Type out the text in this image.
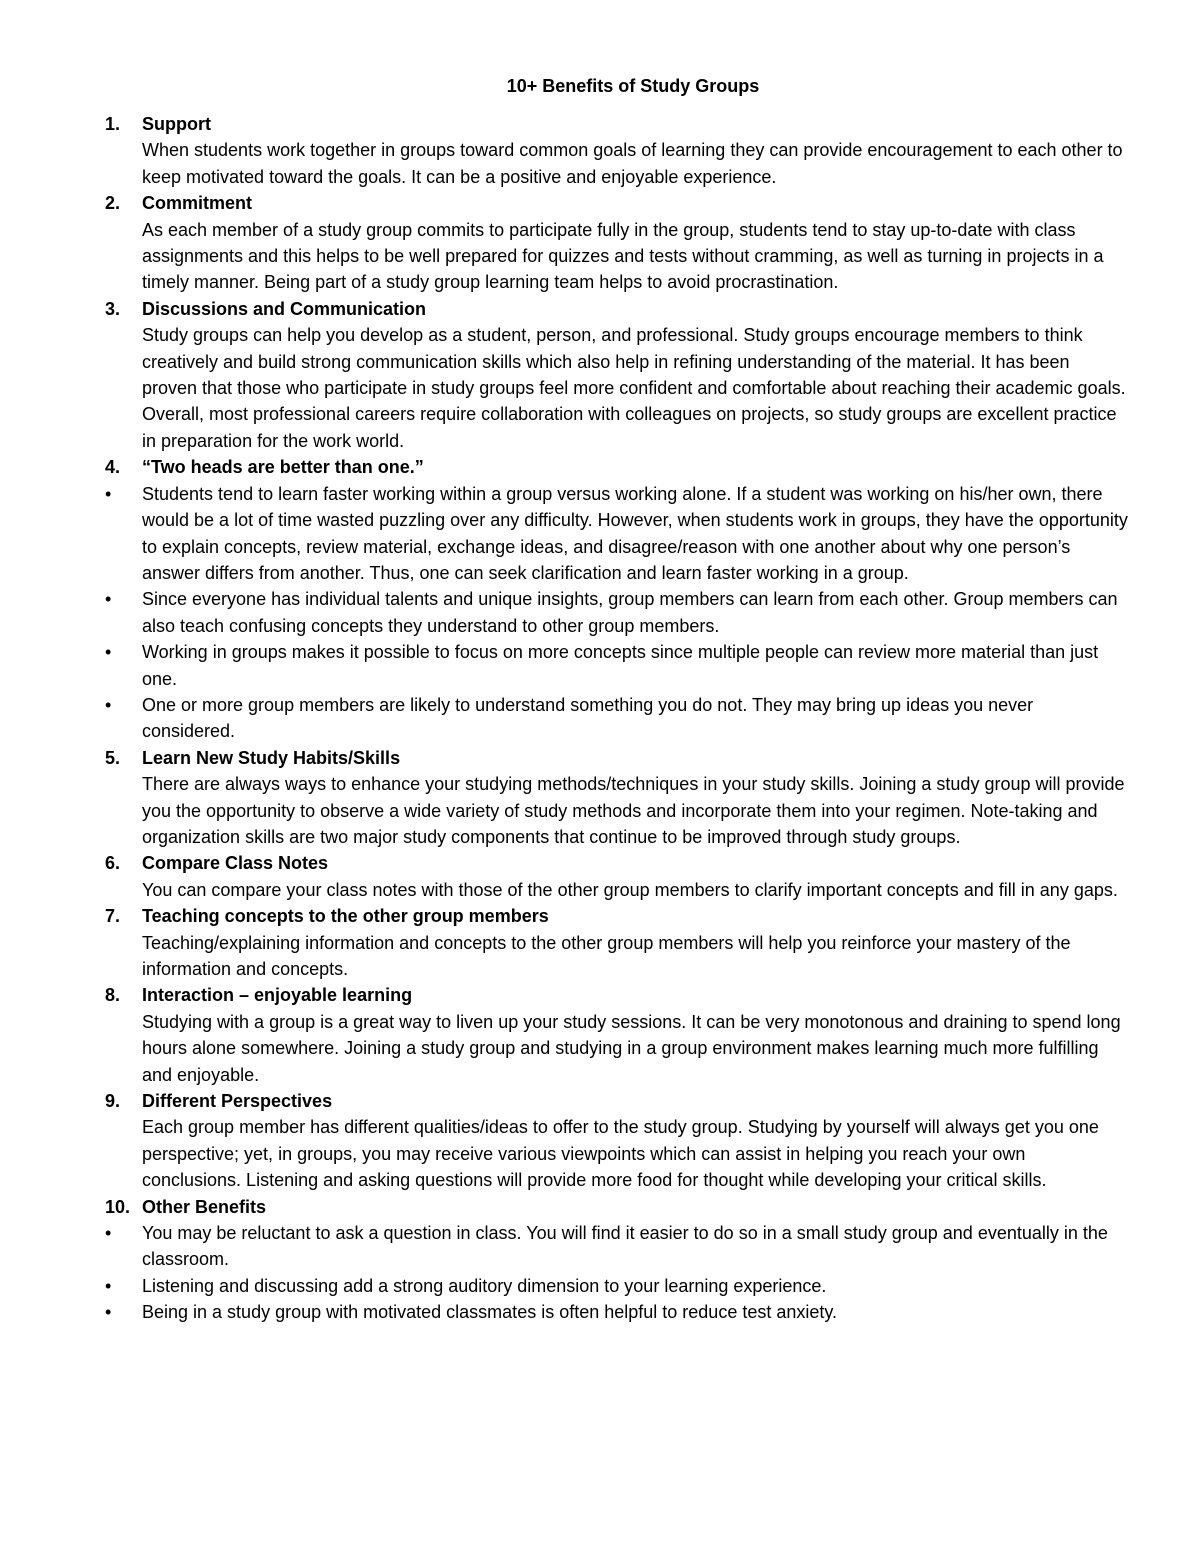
10+ Benefits of Study Groups
1.	Support
When students work together in groups toward common goals of learning they can provide encouragement to each other to keep motivated toward the goals. It can be a positive and enjoyable experience.
2.	Commitment
As each member of a study group commits to participate fully in the group, students tend to stay up-to-date with class assignments and this helps to be well prepared for quizzes and tests without cramming, as well as turning in projects in a timely manner. Being part of a study group learning team helps to avoid procrastination.
3.	Discussions and Communication
Study groups can help you develop as a student, person, and professional. Study groups encourage members to think creatively and build strong communication skills which also help in refining understanding of the material. It has been proven that those who participate in study groups feel more confident and comfortable about reaching their academic goals. Overall, most professional careers require collaboration with colleagues on projects, so study groups are excellent practice in preparation for the work world.
4.	“Two heads are better than one.”
•	Students tend to learn faster working within a group versus working alone. If a student was working on his/her own, there would be a lot of time wasted puzzling over any difficulty. However, when students work in groups, they have the opportunity to explain concepts, review material, exchange ideas, and disagree/reason with one another about why one person’s answer differs from another. Thus, one can seek clarification and learn faster working in a group.
•	Since everyone has individual talents and unique insights, group members can learn from each other. Group members can also teach confusing concepts they understand to other group members.
•	Working in groups makes it possible to focus on more concepts since multiple people can review more material than just one.
•	One or more group members are likely to understand something you do not. They may bring up ideas you never considered.
5.	Learn New Study Habits/Skills
There are always ways to enhance your studying methods/techniques in your study skills. Joining a study group will provide you the opportunity to observe a wide variety of study methods and incorporate them into your regimen. Note-taking and organization skills are two major study components that continue to be improved through study groups.
6.	Compare Class Notes
You can compare your class notes with those of the other group members to clarify important concepts and fill in any gaps.
7.	Teaching concepts to the other group members
Teaching/explaining information and concepts to the other group members will help you reinforce your mastery of the information and concepts.
8.	Interaction – enjoyable learning
Studying with a group is a great way to liven up your study sessions. It can be very monotonous and draining to spend long hours alone somewhere. Joining a study group and studying in a group environment makes learning much more fulfilling and enjoyable.
9.	Different Perspectives
Each group member has different qualities/ideas to offer to the study group. Studying by yourself will always get you one perspective; yet, in groups, you may receive various viewpoints which can assist in helping you reach your own conclusions. Listening and asking questions will provide more food for thought while developing your critical skills.
10. Other Benefits
•	You may be reluctant to ask a question in class. You will find it easier to do so in a small study group and eventually in the classroom.
•	Listening and discussing add a strong auditory dimension to your learning experience.
•	Being in a study group with motivated classmates is often helpful to reduce test anxiety.
